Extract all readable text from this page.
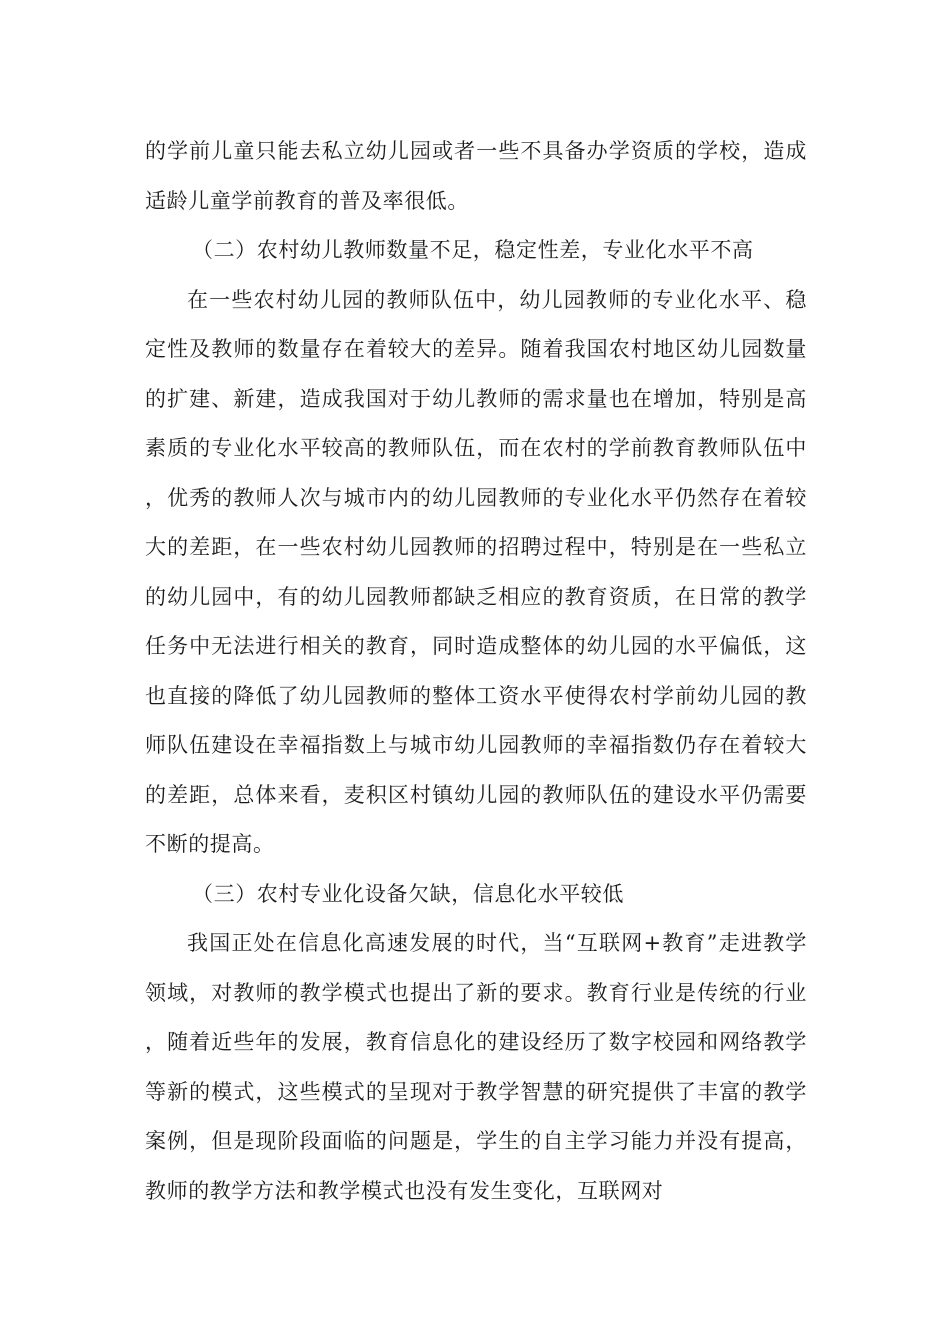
的学前儿童只能去私立幼儿园或者一些不具备办学资质的学校，造成适龄儿童学前教育的普及率很低。

（二）农村幼儿教师数量不足，稳定性差，专业化水平不高

在一些农村幼儿园的教师队伍中，幼儿园教师的专业化水平、稳定性及教师的数量存在着较大的差异。随着我国农村地区幼儿园数量的扩建、新建，造成我国对于幼儿教师的需求量也在增加，特别是高素质的专业化水平较高的教师队伍，而在农村的学前教育教师队伍中，优秀的教师人次与城市内的幼儿园教师的专业化水平仍然存在着较大的差距，在一些农村幼儿园教师的招聘过程中，特别是在一些私立的幼儿园中，有的幼儿园教师都缺乏相应的教育资质，在日常的教学任务中无法进行相关的教育，同时造成整体的幼儿园的水平偏低，这也直接的降低了幼儿园教师的整体工资水平使得农村学前幼儿园的教师队伍建设在幸福指数上与城市幼儿园教师的幸福指数仍存在着较大的差距，总体来看，麦积区村镇幼儿园的教师队伍的建设水平仍需要不断的提高。

（三）农村专业化设备欠缺，信息化水平较低

我国正处在信息化高速发展的时代，当“互联网+教育”走进教学领域，对教师的教学模式也提出了新的要求。教育行业是传统的行业，随着近些年的发展，教育信息化的建设经历了数字校园和网络教学等新的模式，这些模式的呈现对于教学智慧的研究提供了丰富的教学案例，但是现阶段面临的问题是，学生的自主学习能力并没有提高，教师的教学方法和教学模式也没有发生变化，互联网对
